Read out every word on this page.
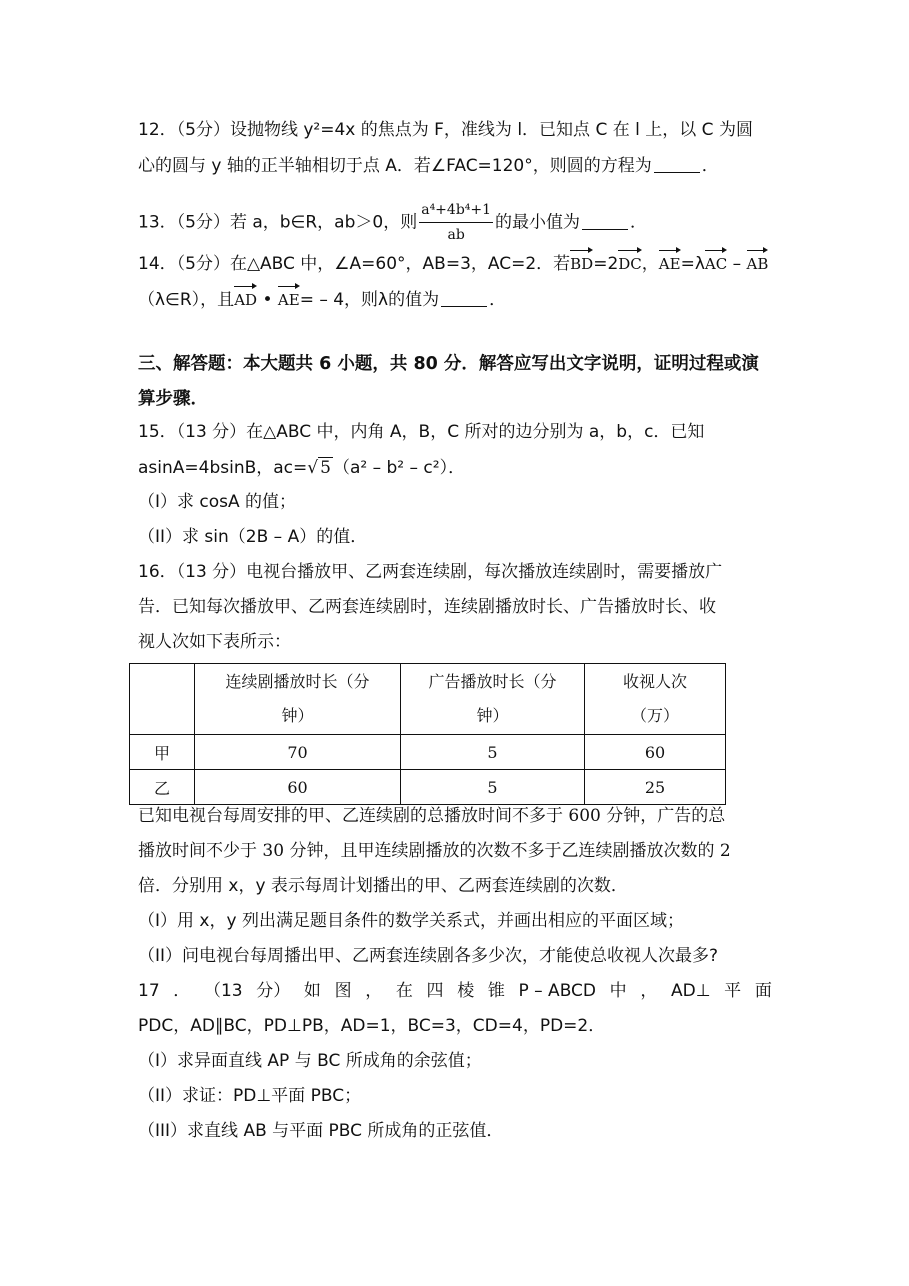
12．（5分）设抛物线 y²=4x 的焦点为 F，准线为 l．已知点 C 在 l 上，以 C 为圆
心的圆与 y 轴的正半轴相切于点 A．若∠FAC=120°，则圆的方程为	．
13．（5分）若 a，b∈R，ab＞0，则 $\frac{\text{a⁴+4b⁴+1}}{ab}$ 的最小值为	．
14．（5分）在△ABC 中，∠A=60°，AB=3，AC=2．若BD=2DC，AE=λAC – AB
（λ∈R），且AD • AE= – 4，则λ的值为	．
三、解答题：本大题共 6 小题，共 80 分．解答应写出文字说明，证明过程或演
算步骤．
15．（13 分）在△ABC 中，内角 A，B，C 所对的边分别为 a，b，c．已知
asinA=4bsinB，ac=√ 5 （a² – b² – c²）．
（I）求 cosA 的值；
（II）求 sin（2B – A）的值．
16．（13 分）电视台播放甲、乙两套连续剧，每次播放连续剧时，需要播放广
告．已知每次播放甲、乙两套连续剧时，连续剧播放时长、广告播放时长、收
视人次如下表所示：
	连续剧播放时长（分
钟）	广告播放时长（分
钟）	收视人次
（万）
甲	70	5	60
乙	60	5	25
已知电视台每周安排的甲、乙连续剧的总播放时间不多于 600 分钟，广告的总
播放时间不少于 30 分钟，且甲连续剧播放的次数不多于乙连续剧播放次数的 2
倍．分别用 x，y 表示每周计划播出的甲、乙两套连续剧的次数．
（I）用 x，y 列出满足题目条件的数学关系式，并画出相应的平面区域；
（II）问电视台每周播出甲、乙两套连续剧各多少次，才能使总收视人次最多?
17 ． （13 分） 如 图 ， 在 四 棱 锥 P – ABCD 中 ， AD⊥ 平 面
PDC，AD∥BC，PD⊥PB，AD=1，BC=3，CD=4，PD=2．
（I）求异面直线 AP 与 BC 所成角的余弦值；
（II）求证：PD⊥平面 PBC；
（III）求直线 AB 与平面 PBC 所成角的正弦值．
